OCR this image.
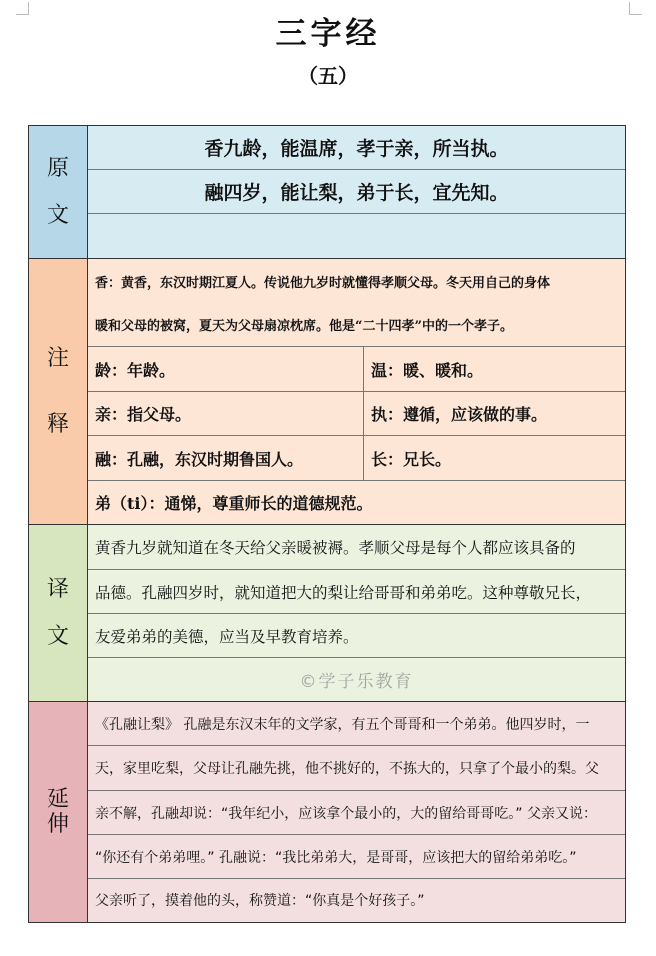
三字经
（五）
原
文
香九龄，能温席，孝于亲，所当执。
融四岁，能让梨，弟于长，宜先知。
注
释
香：黄香，东汉时期江夏人。传说他九岁时就懂得孝顺父母。冬天用自己的身体
暖和父母的被窝，夏天为父母扇凉枕席。他是“二十四孝”中的一个孝子。
龄：年龄。	温：暖、暖和。
亲：指父母。	执：遵循，应该做的事。
融：孔融，东汉时期鲁国人。	长：兄长。
弟（ti）：通悌，尊重师长的道德规范。
译
文
黄香九岁就知道在冬天给父亲暖被褥。孝顺父母是每个人都应该具备的
品德。孔融四岁时，就知道把大的梨让给哥哥和弟弟吃。这种尊敬兄长，
友爱弟弟的美德，应当及早教育培养。
©学子乐教育
延
伸
《孔融让梨》 孔融是东汉末年的文学家，有五个哥哥和一个弟弟。他四岁时，一
天，家里吃梨，父母让孔融先挑，他不挑好的，不拣大的，只拿了个最小的梨。父
亲不解，孔融却说：“我年纪小，应该拿个最小的，大的留给哥哥吃。” 父亲又说：
“你还有个弟弟哩。” 孔融说：“我比弟弟大，是哥哥，应该把大的留给弟弟吃。”
父亲听了，摸着他的头，称赞道：“你真是个好孩子。”
